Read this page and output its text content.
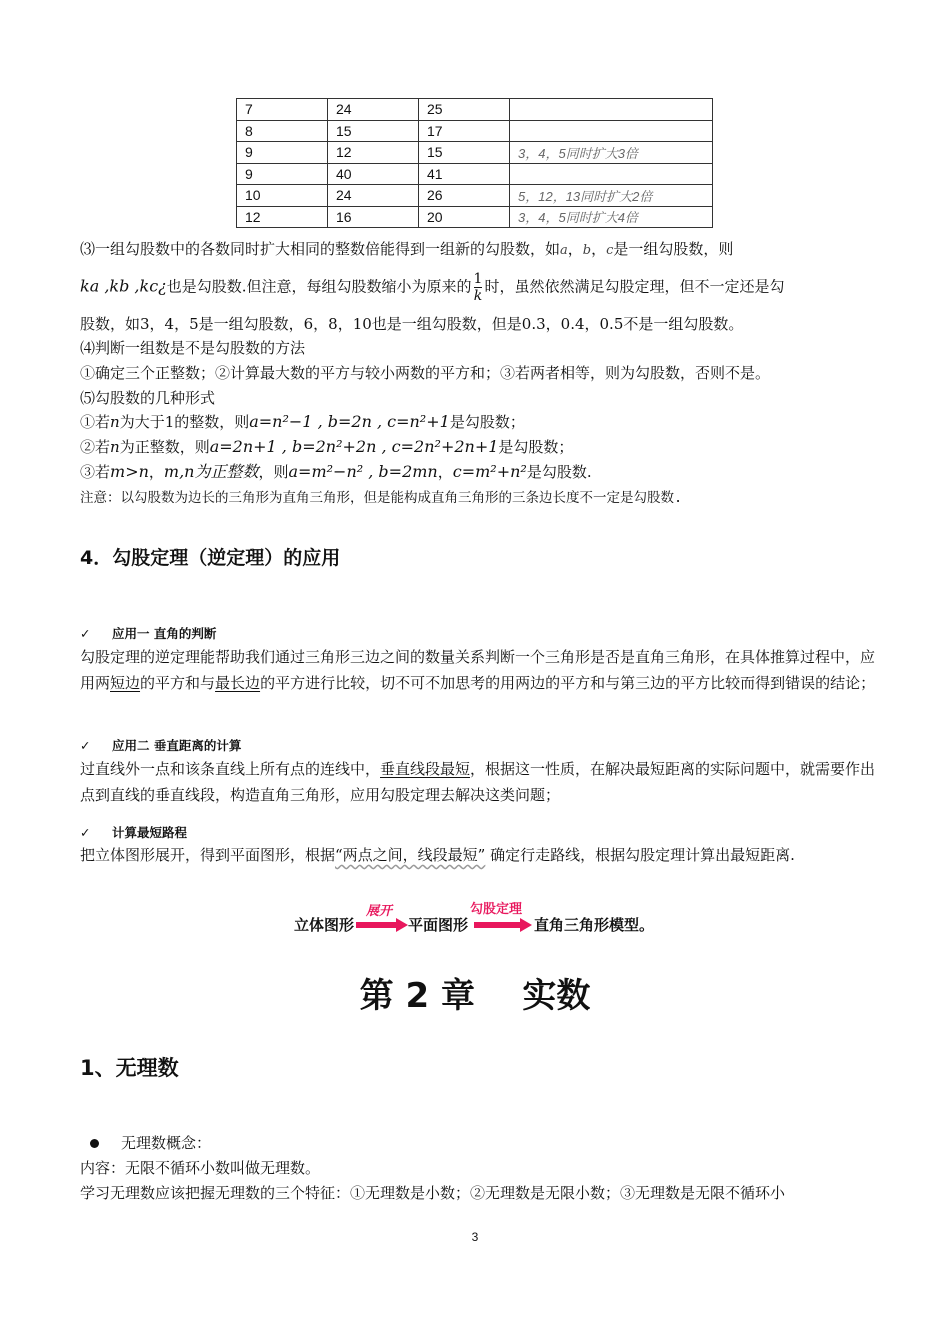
7	24	25	
8	15	17	
9	12	15	3，4，5同时扩大3倍
9	40	41	
10	24	26	5，12，13同时扩大2倍
12	16	20	3，4，5同时扩大4倍
⑶一组勾股数中的各数同时扩大相同的整数倍能得到一组新的勾股数，如a，b，c是一组勾股数，则
ka ,kb ,kc¿也是勾股数.但注意，每组勾股数缩小为原来的 $\frac{1}{k}$ 时，虽然依然满足勾股定理，但不一定还是勾
股数，如3，4，5是一组勾股数，6，8，10也是一组勾股数，但是0.3，0.4，0.5不是一组勾股数。
⑷判断一组数是不是勾股数的方法
①确定三个正整数；②计算最大数的平方与较小两数的平方和；③若两者相等，则为勾股数，否则不是。
⑸勾股数的几种形式
①若n为大于1的整数，则a=n²−1 , b=2n , c=n²+1是勾股数；
②若n为正整数，则a=2n+1 , b=2n²+2n , c=2n²+2n+1是勾股数；
③若m>n，m,n为正整数，则a=m²−n² , b=2mn，c=m²+n²是勾股数.
注意：以勾股数为边长的三角形为直角三角形，但是能构成直角三角形的三条边长度不一定是勾股数.
4．勾股定理（逆定理）的应用
✓ 应用一 直角的判断
勾股定理的逆定理能帮助我们通过三角形三边之间的数量关系判断一个三角形是否是直角三角形，在具体推算过程中，应用两短边的平方和与最长边的平方进行比较，切不可不加思考的用两边的平方和与第三边的平方比较而得到错误的结论；
✓ 应用二 垂直距离的计算
过直线外一点和该条直线上所有点的连线中，垂直线段最短，根据这一性质，在解决最短距离的实际问题中，就需要作出点到直线的垂直线段，构造直角三角形，应用勾股定理去解决这类问题；
✓ 计算最短路程
把立体图形展开，得到平面图形，根据“两点之间，线段最短” 确定行走路线，根据勾股定理计算出最短距离.
立体图形
展开
平面图形
勾股定理
直角三角形模型。
第 2 章    实数
1、无理数
无理数概念：
内容：无限不循环小数叫做无理数。
学习无理数应该把握无理数的三个特征：①无理数是小数；②无理数是无限小数；③无理数是无限不循环小
3
